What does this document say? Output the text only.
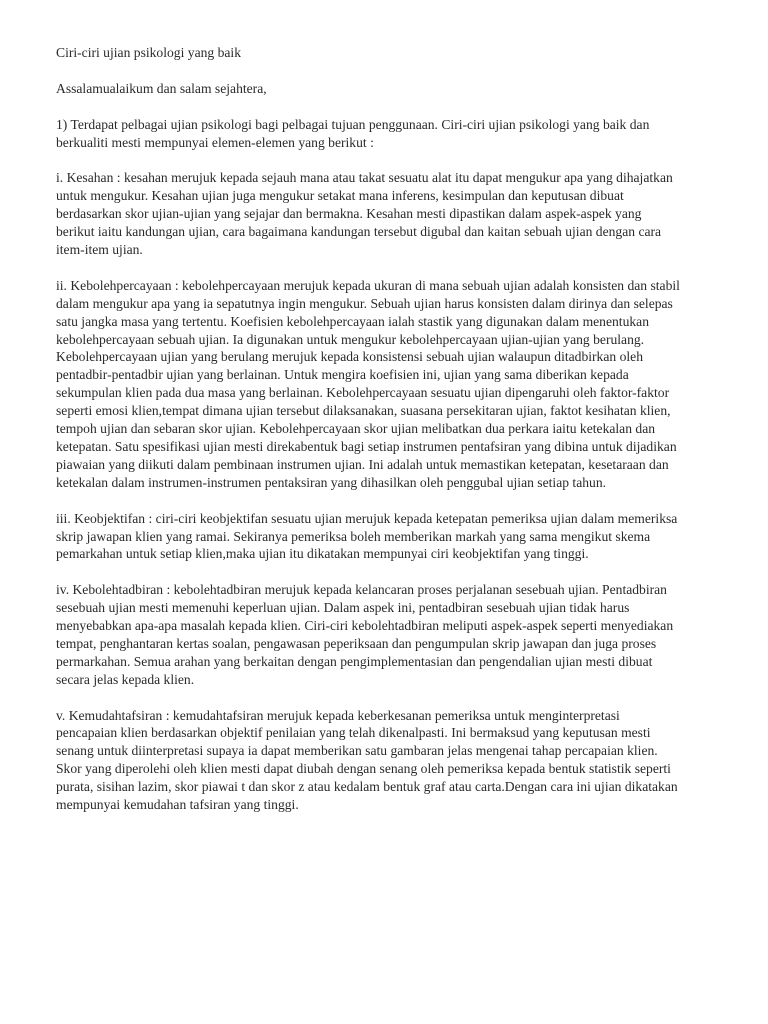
Ciri-ciri ujian psikologi yang baik

Assalamualaikum dan salam sejahtera,

1) Terdapat pelbagai ujian psikologi bagi pelbagai tujuan penggunaan. Ciri-ciri ujian psikologi yang baik dan berkualiti mesti mempunyai elemen-elemen yang berikut :

i. Kesahan : kesahan merujuk kepada sejauh mana atau takat sesuatu alat itu dapat mengukur apa yang dihajatkan untuk mengukur. Kesahan ujian juga mengukur setakat mana inferens, kesimpulan dan keputusan dibuat berdasarkan skor ujian-ujian yang sejajar dan bermakna. Kesahan mesti dipastikan dalam aspek-aspek yang berikut iaitu kandungan ujian, cara bagaimana kandungan tersebut digubal dan kaitan sebuah ujian dengan cara item-item ujian.

ii. Kebolehpercayaan : kebolehpercayaan merujuk kepada ukuran di mana sebuah ujian adalah konsisten dan stabil dalam mengukur apa yang ia sepatutnya ingin mengukur. Sebuah ujian harus konsisten dalam dirinya dan selepas satu jangka masa yang tertentu. Koefisien kebolehpercayaan ialah stastik yang digunakan dalam menentukan kebolehpercayaan sebuah ujian. Ia digunakan untuk mengukur kebolehpercayaan ujian-ujian yang berulang. Kebolehpercayaan ujian yang berulang merujuk kepada konsistensi sebuah ujian walaupun ditadbirkan oleh pentadbir-pentadbir ujian yang berlainan. Untuk mengira koefisien ini, ujian yang sama diberikan kepada sekumpulan klien pada dua masa yang berlainan. Kebolehpercayaan sesuatu ujian dipengaruhi oleh faktor-faktor seperti emosi klien,tempat dimana ujian tersebut dilaksanakan, suasana persekitaran ujian, faktot kesihatan klien, tempoh ujian dan sebaran skor ujian. Kebolehpercayaan skor ujian melibatkan dua perkara iaitu ketekalan dan ketepatan. Satu spesifikasi ujian mesti direkabentuk bagi setiap instrumen pentafsiran yang dibina untuk dijadikan piawaian yang diikuti dalam pembinaan instrumen ujian. Ini adalah untuk memastikan ketepatan, kesetaraan dan ketekalan dalam instrumen-instrumen pentaksiran yang dihasilkan oleh penggubal ujian setiap tahun.

iii. Keobjektifan : ciri-ciri keobjektifan sesuatu ujian merujuk kepada ketepatan pemeriksa ujian dalam memeriksa skrip jawapan klien yang ramai. Sekiranya pemeriksa boleh memberikan markah yang sama mengikut skema pemarkahan untuk setiap klien,maka ujian itu dikatakan mempunyai ciri keobjektifan yang tinggi.

iv. Kebolehtadbiran : kebolehtadbiran merujuk kepada kelancaran proses perjalanan sesebuah ujian. Pentadbiran sesebuah ujian mesti memenuhi keperluan ujian. Dalam aspek ini, pentadbiran sesebuah ujian tidak harus menyebabkan apa-apa masalah kepada klien. Ciri-ciri kebolehtadbiran meliputi aspek-aspek seperti menyediakan tempat, penghantaran kertas soalan, pengawasan peperiksaan dan pengumpulan skrip jawapan dan juga proses permarkahan. Semua arahan yang berkaitan dengan pengimplementasian dan pengendalian ujian mesti dibuat secara jelas kepada klien.

v. Kemudahtafsiran : kemudahtafsiran merujuk kepada keberkesanan pemeriksa untuk menginterpretasi pencapaian klien berdasarkan objektif penilaian yang telah dikenalpasti. Ini bermaksud yang keputusan mesti senang untuk diinterpretasi supaya ia dapat memberikan satu gambaran jelas mengenai tahap percapaian klien. Skor yang diperolehi oleh klien mesti dapat diubah dengan senang oleh pemeriksa kepada bentuk statistik seperti purata, sisihan lazim, skor piawai t dan skor z atau kedalam bentuk graf atau carta.Dengan cara ini ujian dikatakan mempunyai kemudahan tafsiran yang tinggi.
